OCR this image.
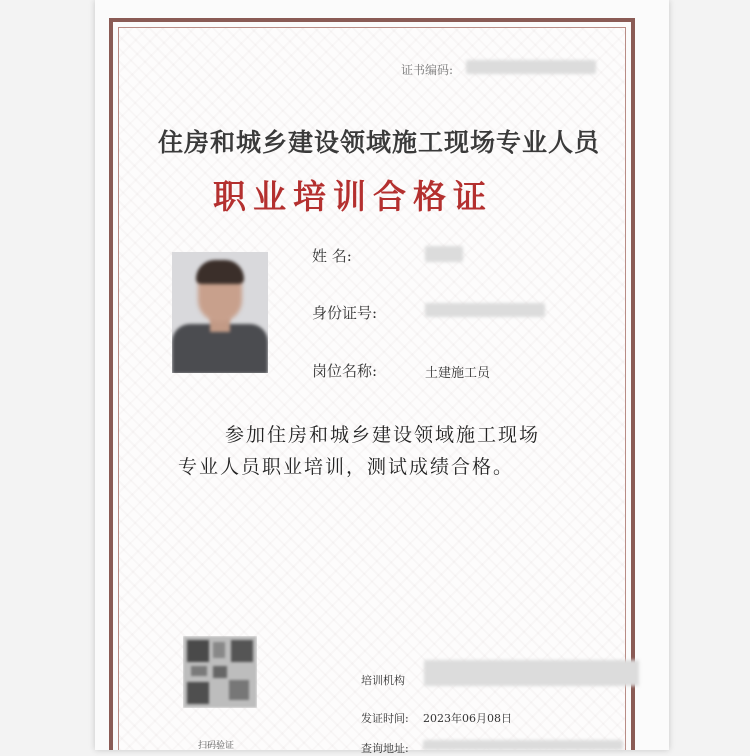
证书编码:
住房和城乡建设领域施工现场专业人员
职业培训合格证
姓 名:
身份证号:
岗位名称:	土建施工员
参加住房和城乡建设领域施工现场
专业人员职业培训，测试成绩合格。
扫码验证
培训机构
发证时间: 2023年06月08日
查询地址:
